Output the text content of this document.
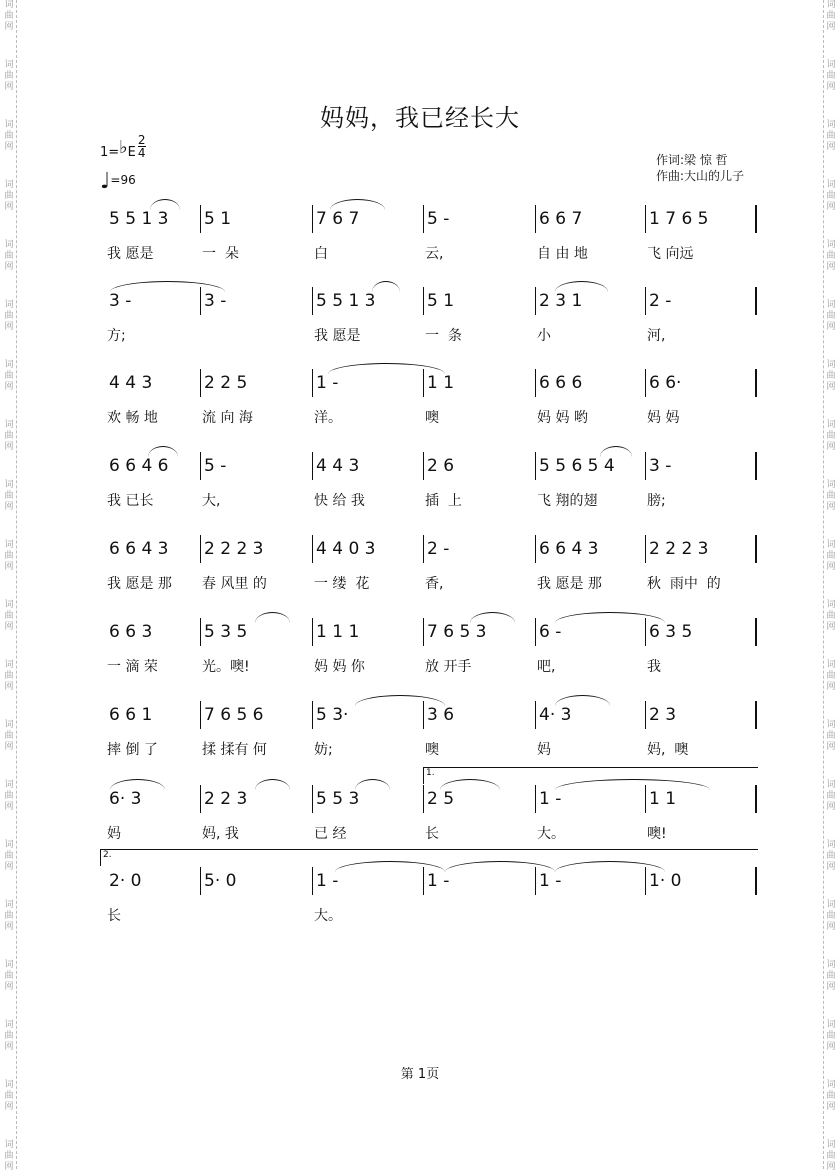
词
曲
网
词
曲
网
词
曲
网
词
曲
网
词
曲
网
词
曲
网
词
曲
网
词
曲
网
词
曲
网
词
曲
网
词
曲
网
词
曲
网
词
曲
网
词
曲
网
词
曲
网
词
曲
网
词
曲
网
词
曲
网
词
曲
网
词
曲
网
词
曲
网
词
曲
网
词
曲
网
词
曲
网
词
曲
网
词
曲
网
词
曲
网
词
曲
网
词
曲
网
词
曲
网
词
曲
网
词
曲
网
词
曲
网
词
曲
网
词
曲
网
词
曲
网
词
曲
网
词
曲
网
词
曲
网
词
曲
网
妈妈，我已经长大
1=♭E $\frac{2}{4}$
♩=96
作词:梁 惊 哲
作曲:大山的儿子
5 5 1 3
我 愿是
5 1
一  朵
7 6 7
白
5 -
云,
6 6 7
自 由 地
1 7 6 5
飞 向远
3 -
方;
3 -	5 5 1 3
我 愿是
5 1
一  条
2 3 1
小
2 -
河,
4 4 3
欢 畅 地
2 2 5
流 向 海
1 -
洋。
1 1
噢
6 6 6
妈 妈 哟
6 6·
妈 妈
6 6 4 6
我 已长
5 -
大,
4 4 3
快 给 我
2 6
插  上
5 5 6 5 4
飞 翔的翅
3 -
膀;
6 6 4 3
我 愿是 那
2 2 2 3
春 风里 的
4 4 0 3
一 缕  花
2 -
香,
6 6 4 3
我 愿是 那
2 2 2 3
秋  雨中  的
6 6 3
一 滴 荣
5 3 5
光。噢!
1 1 1
妈 妈 你
7 6 5 3
放 开手
6 -
吧,
6 3 5
我
6 6 1
摔 倒 了
7 6 5 6
揉 揉有 何
5 3·
妨;
3 6
噢
4· 3
妈
2 3
妈,  噢
6· 3
妈
2 2 3
妈, 我
5 5 3
已 经
2 5
长
1 -
大。
1 1
噢!
1.
2· 0
长
5· 0	1 -
大。
1 -	1 -	1· 0
2.
第 1页
